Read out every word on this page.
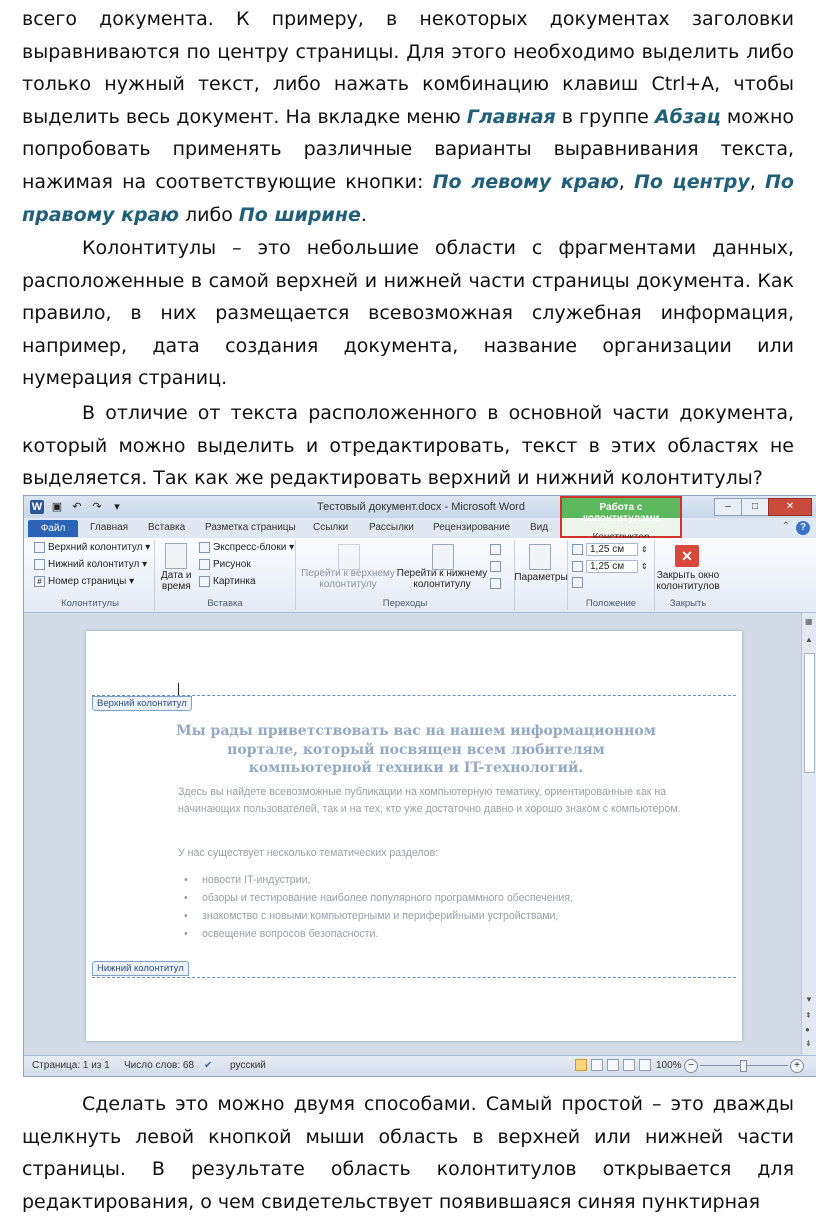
всего документа. К примеру, в некоторых документах заголовки выравниваются по центру страницы. Для этого необходимо выделить либо только нужный текст, либо нажать комбинацию клавиш Ctrl+A, чтобы выделить весь документ. На вкладке меню Главная в группе Абзац можно попробовать применять различные варианты выравнивания текста, нажимая на соответствующие кнопки: По левому краю, По центру, По правому краю либо По ширине.

Колонтитулы – это небольшие области с фрагментами данных, расположенные в самой верхней и нижней части страницы документа. Как правило, в них размещается всевозможная служебная информация, например, дата создания документа, название организации или нумерация страниц.

В отличие от текста расположенного в основной части документа, который можно выделить и отредактировать, текст в этих областях не выделяется. Так как же редактировать верхний и нижний колонтитулы?

W ▣ ↶ ↷	▾	Тестовый документ.docx - Microsoft Word	–	□	✕
Файл	Главная Вставка Разметка страницы Ссылки Рассылки Рецензирование Вид	⌃ ?
Работа с колонтитулами
Верхний колонтитул ▾
Нижний колонтитул ▾
# Номер страницы ▾
Колонтитулы
Дата и
время
Экспресс-блоки ▾
Рисунок
Картинка
Вставка
Перейти к верхнему
колонтитулу
Перейти к нижнему
колонтитулу
Переходы
Параметры
1,25 см	⇕
1,25 см	⇕
Положение
✕
Закрыть окно
колонтитулов
Закрыть
Верхний колонтитул
Мы рады приветствовать вас на нашем информационном портале, который посвящен всем любителям компьютерной техники и IT-технологий.
Здесь вы найдете всевозможные публикации на компьютерную тематику, ориентированные как на начинающих пользователей, так и на тех, кто уже достаточно давно и хорошо знаком с компьютером.
У нас существует несколько тематических разделов:
• новости IT-индустрии,
• обзоры и тестирование наиболее популярного программного обеспечения,
• знакомство с новыми компьютерными и периферийными устройствами,
• освещение вопросов безопасности.
Нижний колонтитул
▦
▲
▼
⇞
●
⇟
Страница: 1 из 1 Число слов: 68 ✔ русский	100% −	+

Сделать это можно двумя способами. Самый простой – это дважды щелкнуть левой кнопкой мыши область в верхней или нижней части страницы. В результате область колонтитулов открывается для редактирования, о чем свидетельствует появившаяся синяя пунктирная
